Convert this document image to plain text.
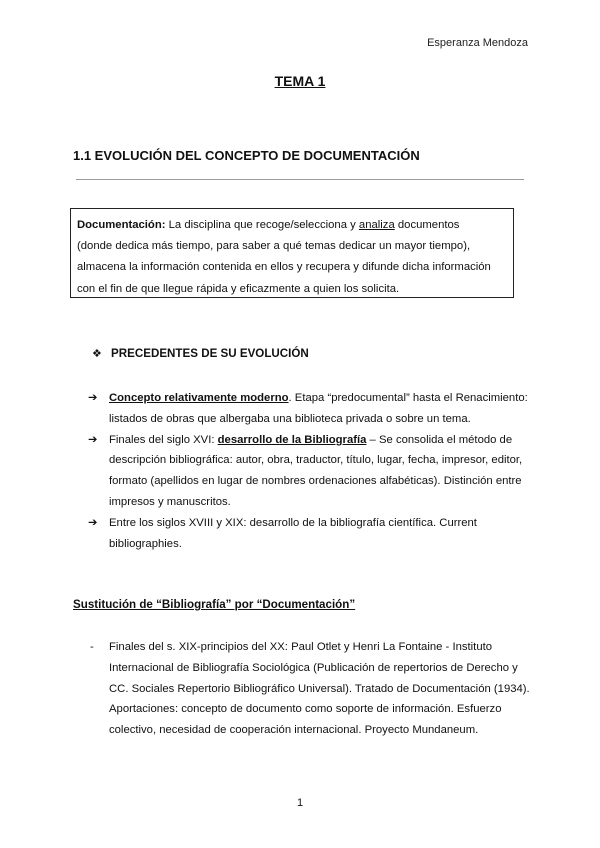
Esperanza Mendoza
TEMA 1
1.1 EVOLUCIÓN DEL CONCEPTO DE DOCUMENTACIÓN
Documentación: La disciplina que recoge/selecciona y analiza documentos
(donde dedica más tiempo, para saber a qué temas dedicar un mayor tiempo),
almacena la información contenida en ellos y recupera y difunde dicha información
con el fin de que llegue rápida y eficazmente a quien los solicita.
❖ PRECEDENTES DE SU EVOLUCIÓN
➔ Concepto relativamente moderno. Etapa “predocumental” hasta el Renacimiento: listados de obras que albergaba una biblioteca privada o sobre un tema.
➔ Finales del siglo XVI: desarrollo de la Bibliografía – Se consolida el método de descripción bibliográfica: autor, obra, traductor, título, lugar, fecha, impresor, editor, formato (apellidos en lugar de nombres ordenaciones alfabéticas). Distinción entre impresos y manuscritos.
➔ Entre los siglos XVIII y XIX: desarrollo de la bibliografía científica. Current bibliographies.
Sustitución de “Bibliografía” por “Documentación”
- Finales del s. XIX-principios del XX: Paul Otlet y Henri La Fontaine - Instituto Internacional de Bibliografía Sociológica (Publicación de repertorios de Derecho y CC. Sociales Repertorio Bibliográfico Universal). Tratado de Documentación (1934). Aportaciones: concepto de documento como soporte de información. Esfuerzo colectivo, necesidad de cooperación internacional. Proyecto Mundaneum.
1
